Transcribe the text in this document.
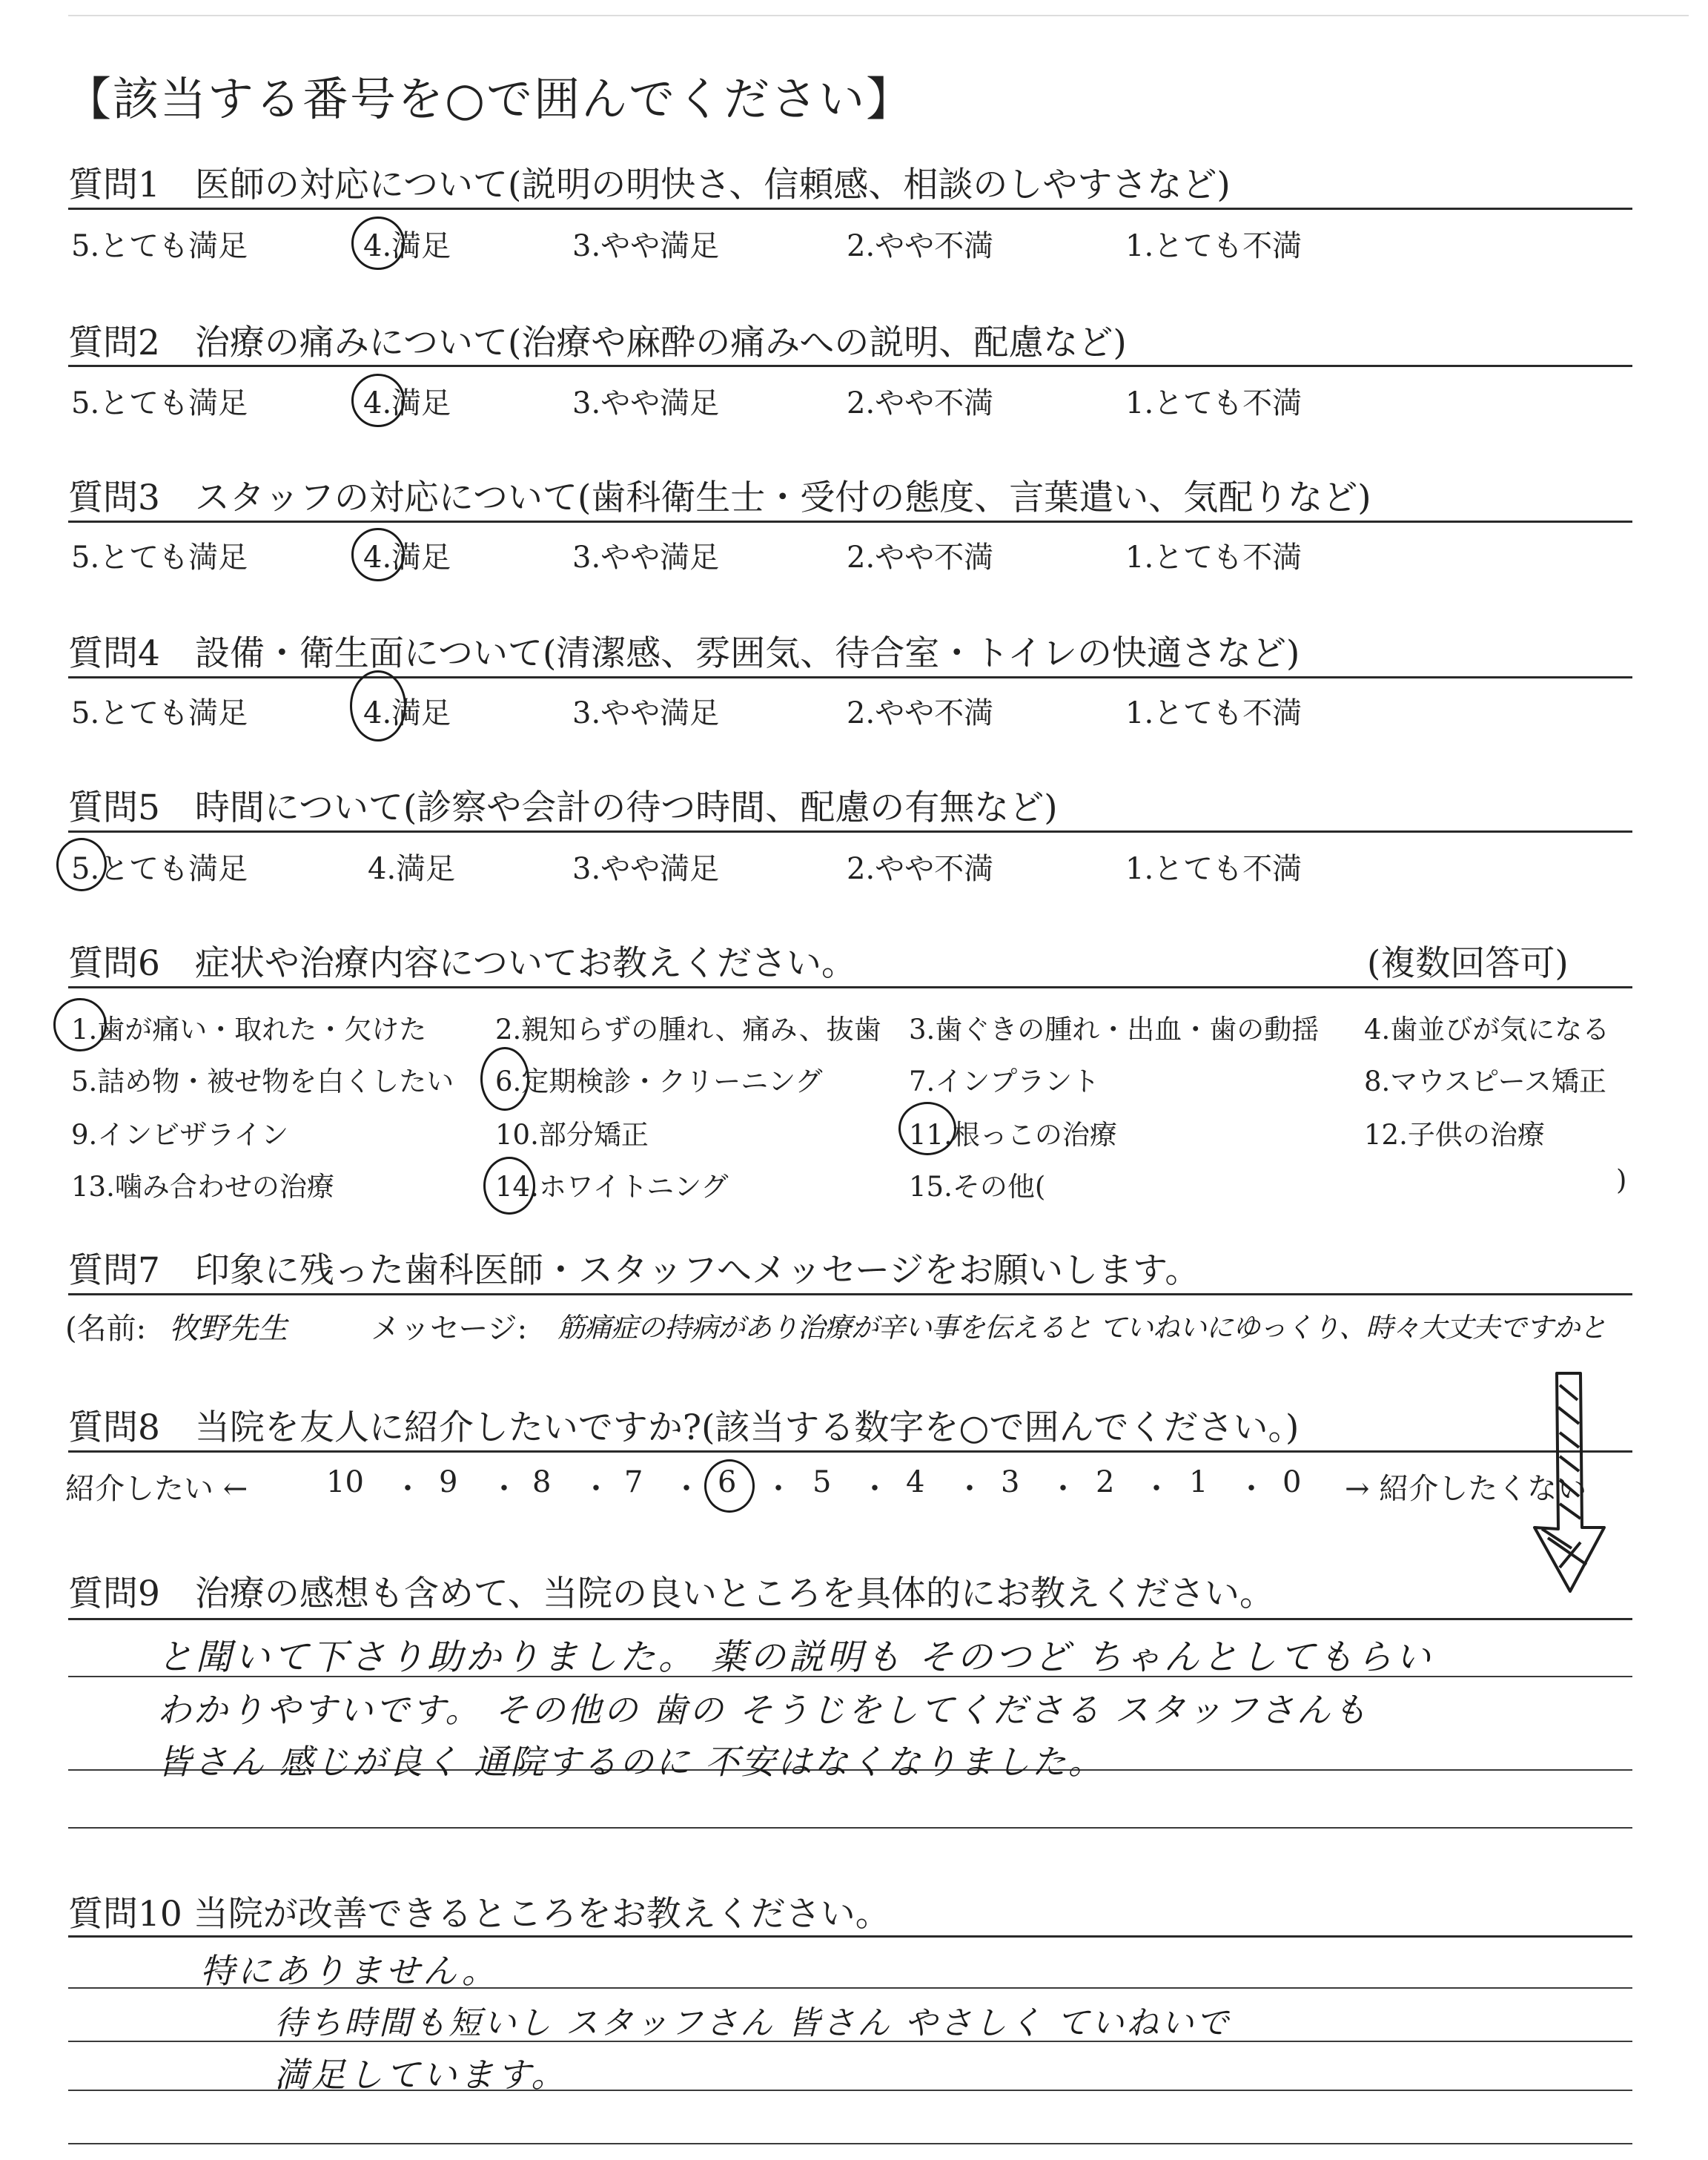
【該当する番号を○で囲んでください】
質問1　医師の対応について(説明の明快さ、信頼感、相談のしやすさなど)
5.とても満足	4.満足	3.やや満足	2.やや不満	1.とても不満
質問2　治療の痛みについて(治療や麻酔の痛みへの説明、配慮など)
5.とても満足	4.満足	3.やや満足	2.やや不満	1.とても不満
質問3　スタッフの対応について(歯科衛生士・受付の態度、言葉遣い、気配りなど)
5.とても満足	4.満足	3.やや満足	2.やや不満	1.とても不満
質問4　設備・衛生面について(清潔感、雰囲気、待合室・トイレの快適さなど)
5.とても満足	4.満足	3.やや満足	2.やや不満	1.とても不満
質問5　時間について(診察や会計の待つ時間、配慮の有無など)
5.とても満足	4.満足	3.やや満足	2.やや不満	1.とても不満
質問6　症状や治療内容についてお教えください。	(複数回答可)
1.歯が痛い・取れた・欠けた	2.親知らずの腫れ、痛み、抜歯 3.歯ぐきの腫れ・出血・歯の動揺 4.歯並びが気になる
5.詰め物・被せ物を白くしたい 6.定期検診・クリーニング	7.インプラント	8.マウスピース矯正
9.インビザライン	10.部分矯正	11.根っこの治療	12.子供の治療
13.噛み合わせの治療	14.ホワイトニング	15.その他(	)
質問7　印象に残った歯科医師・スタッフへメッセージをお願いします。
(名前: 牧野先生	メッセージ: 筋痛症の持病があり治療が辛い事を伝えると ていねいにゆっくり、時々大丈夫ですかと
質問8　当院を友人に紹介したいですか?(該当する数字を○で囲んでください。)
紹介したい ←	10 ・ 9 ・ 8 ・ 7 ・ 6 ・ 5 ・ 4 ・ 3 ・ 2 ・ 1 ・ 0 → 紹介したくない
質問9　治療の感想も含めて、当院の良いところを具体的にお教えください。
と聞いて下さり助かりました。 薬の説明も そのつど ちゃんとしてもらい
わかりやすいです。 その他の 歯の そうじをしてくださる スタッフさんも
皆さん 感じが良く 通院するのに 不安はなくなりました。
質問10 当院が改善できるところをお教えください。
特にありません。
待ち時間も短いし スタッフさん 皆さん やさしく ていねいで
満足しています。
